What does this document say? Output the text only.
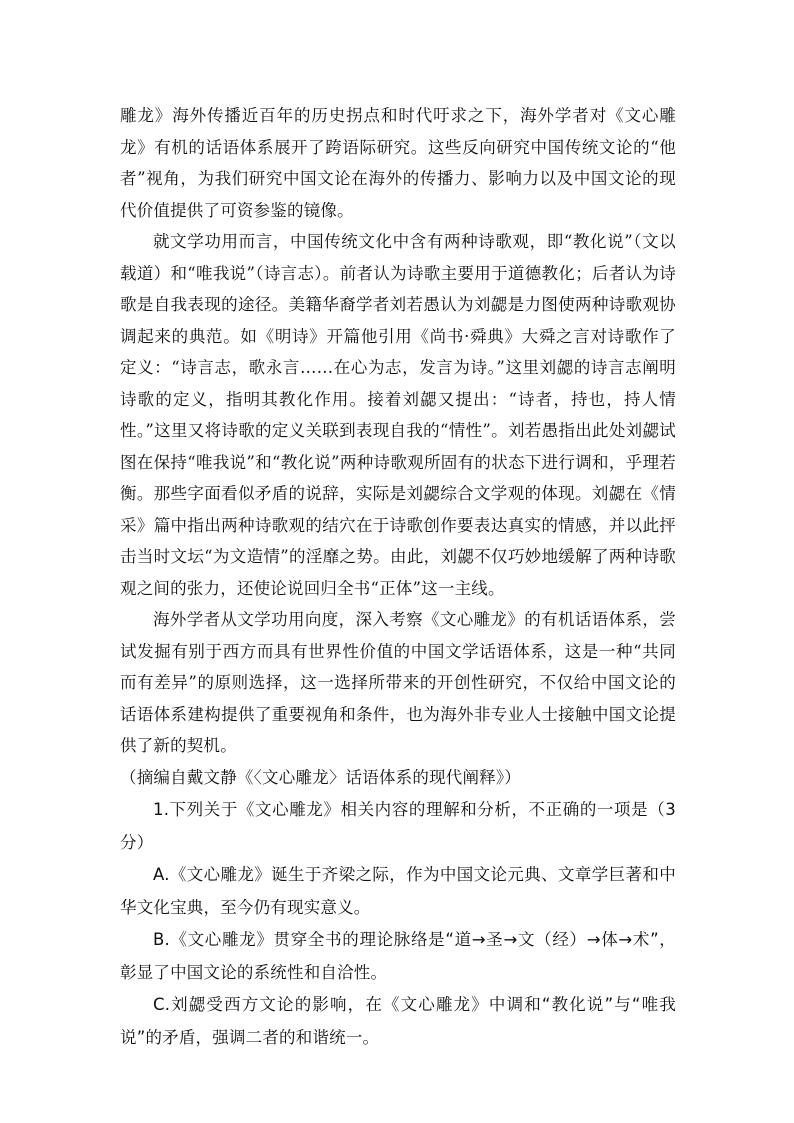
雕龙》海外传播近百年的历史拐点和时代吁求之下，海外学者对《文心雕龙》有机的话语体系展开了跨语际研究。这些反向研究中国传统文论的“他者”视角，为我们研究中国文论在海外的传播力、影响力以及中国文论的现代价值提供了可资参鉴的镜像。

就文学功用而言，中国传统文化中含有两种诗歌观，即“教化说”（文以载道）和“唯我说”（诗言志）。前者认为诗歌主要用于道德教化；后者认为诗歌是自我表现的途径。美籍华裔学者刘若愚认为刘勰是力图使两种诗歌观协调起来的典范。如《明诗》开篇他引用《尚书·舜典》大舜之言对诗歌作了定义：“诗言志，歌永言……在心为志，发言为诗。”这里刘勰的诗言志阐明诗歌的定义，指明其教化作用。接着刘勰又提出：“诗者，持也，持人情性。”这里又将诗歌的定义关联到表现自我的“情性”。刘若愚指出此处刘勰试图在保持“唯我说”和“教化说”两种诗歌观所固有的状态下进行调和，乎理若衡。那些字面看似矛盾的说辞，实际是刘勰综合文学观的体现。刘勰在《情采》篇中指出两种诗歌观的结穴在于诗歌创作要表达真实的情感，并以此抨击当时文坛“为文造情”的淫靡之势。由此，刘勰不仅巧妙地缓解了两种诗歌观之间的张力，还使论说回归全书“正体”这一主线。

海外学者从文学功用向度，深入考察《文心雕龙》的有机话语体系，尝试发掘有别于西方而具有世界性价值的中国文学话语体系，这是一种“共同而有差异”的原则选择，这一选择所带来的开创性研究，不仅给中国文论的话语体系建构提供了重要视角和条件，也为海外非专业人士接触中国文论提供了新的契机。

（摘编自戴文静《〈文心雕龙〉话语体系的现代阐释》）

1.下列关于《文心雕龙》相关内容的理解和分析，不正确的一项是（3分）

A.《文心雕龙》诞生于齐梁之际，作为中国文论元典、文章学巨著和中华文化宝典，至今仍有现实意义。

B.《文心雕龙》贯穿全书的理论脉络是“道→圣→文（经）→体→术”，彰显了中国文论的系统性和自洽性。

C.刘勰受西方文论的影响，在《文心雕龙》中调和“教化说”与“唯我说”的矛盾，强调二者的和谐统一。
